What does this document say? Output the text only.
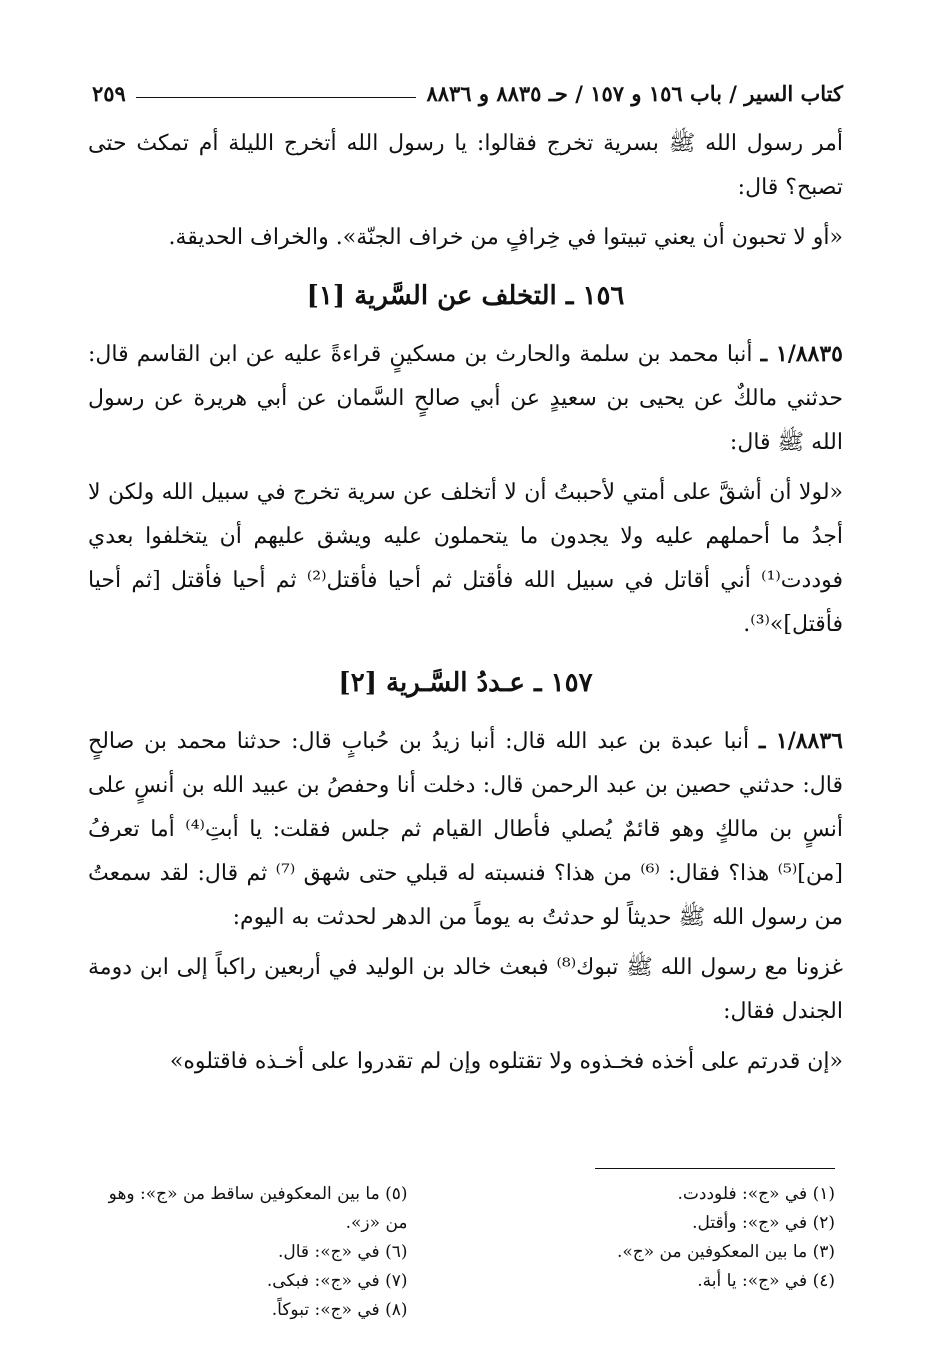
كتاب السير / باب ١٥٦ و ١٥٧ / حـ ٨٨٣٥ و ٨٨٣٦
٢٥٩

أمر رسول الله ﷺ بسرية تخرج فقالوا: يا رسول الله أتخرج الليلة أم تمكث حتى تصبح؟ قال:

«أو لا تحبون أن يعني تبيتوا في خِرافٍ من خراف الجنّة». والخراف الحديقة.

١٥٦ ـ التخلف عن السَّرية [١]

١/٨٨٣٥ ـ أنبا محمد بن سلمة والحارث بن مسكينٍ قراءةً عليه عن ابن القاسم قال: حدثني مالكٌ عن يحيى بن سعيدٍ عن أبي صالحٍ السَّمان عن أبي هريرة عن رسول الله ﷺ قال:

«لولا أن أشقَّ على أمتي لأحببتُ أن لا أتخلف عن سرية تخرج في سبيل الله ولكن لا أجدُ ما أحملهم عليه ولا يجدون ما يتحملون عليه ويشق عليهم أن يتخلفوا بعدي فوددت⁽¹⁾ أني أقاتل في سبيل الله فأقتل ثم أحيا فأقتل⁽²⁾ ثم أحيا فأقتل [ثم أحيا فأقتل]»⁽³⁾.

١٥٧ ـ عـددُ السَّـرية [٢]

١/٨٨٣٦ ـ أنبا عبدة بن عبد الله قال: أنبا زيدُ بن حُبابٍ قال: حدثنا محمد بن صالحٍ قال: حدثني حصين بن عبد الرحمن قال: دخلت أنا وحفصُ بن عبيد الله بن أنسٍ على أنسٍ بن مالكٍ وهو قائمٌ يُصلي فأطال القيام ثم جلس فقلت: يا أبتِ⁽⁴⁾ أما تعرفُ [من]⁽⁵⁾ هذا؟ فقال: ⁽⁶⁾ من هذا؟ فنسبته له قبلي حتى شهق ⁽⁷⁾ ثم قال: لقد سمعتُ من رسول الله ﷺ حديثاً لو حدثتُ به يوماً من الدهر لحدثت به اليوم:

غزونا مع رسول الله ﷺ تبوك⁽⁸⁾ فبعث خالد بن الوليد في أربعين راكباً إلى ابن دومة الجندل فقال:

«إن قدرتم على أخذه فخـذوه ولا تقتلوه وإن لم تقدروا على أخـذه فاقتلوه»

(١) في «ج»: فلوددت.
(٢) في «ج»: وأقتل.
(٣) ما بين المعكوفين من «ج».
(٤) في «ج»: يا أبة.
(٥) ما بين المعكوفين ساقط من «ج»: وهو من «ز».
(٦) في «ج»: قال.
(٧) في «ج»: فبكى.
(٨) في «ج»: تبوكاً.
